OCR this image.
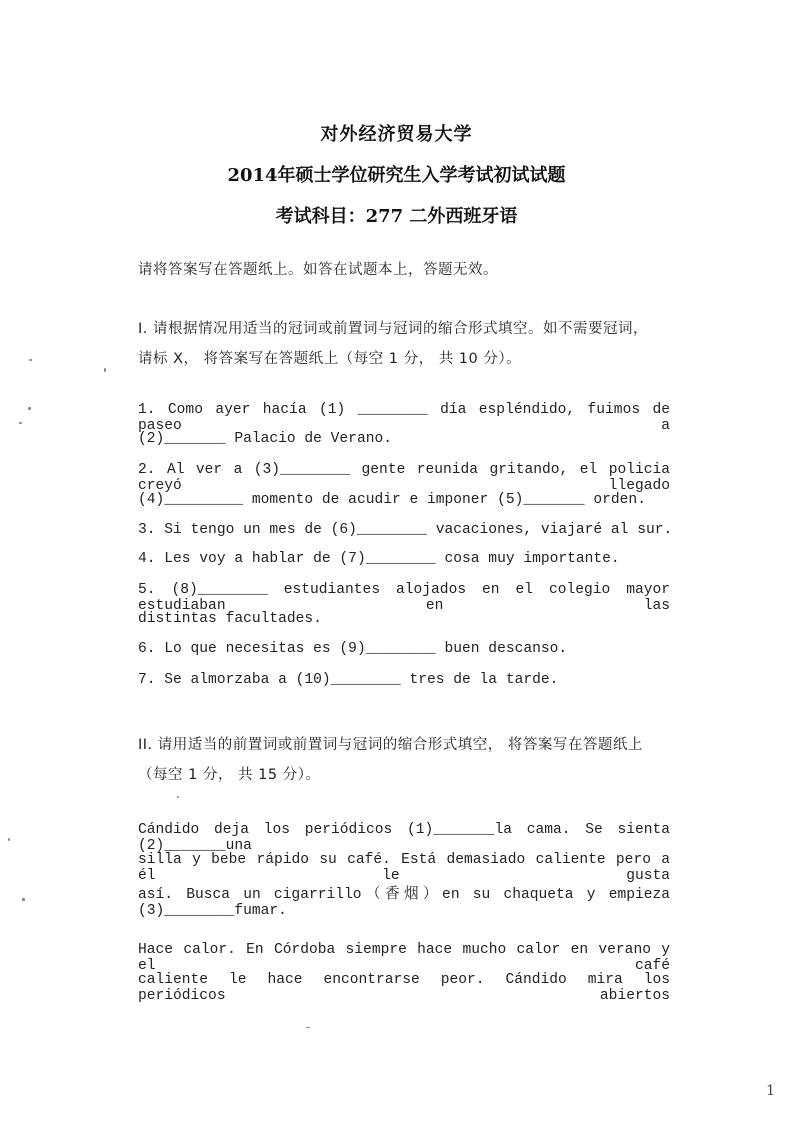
对外经济贸易大学
2014年硕士学位研究生入学考试初试试题
考试科目：277 二外西班牙语
请将答案写在答题纸上。如答在试题本上，答题无效。
I. 请根据情况用适当的冠词或前置词与冠词的缩合形式填空。如不需要冠词，
请标 X， 将答案写在答题纸上（每空 1 分， 共 10 分）。
1. Como ayer hacía (1) ________ día espléndido, fuimos de paseo a
(2)_______ Palacio de Verano.
2. Al ver a (3)________ gente reunida gritando, el policia creyó llegado
(4)_________ momento de acudir e imponer (5)_______ orden.
3. Si tengo un mes de (6)________ vacaciones, viajaré al sur.
4. Les voy a hablar de (7)________ cosa muy importante.
5. (8)________ estudiantes alojados en el colegio mayor estudiaban en las
distintas facultades.
6. Lo que necesitas es (9)________ buen descanso.
7. Se almorzaba a (10)________ tres de la tarde.
II. 请用适当的前置词或前置词与冠词的缩合形式填空， 将答案写在答题纸上
（每空 1 分， 共 15 分）。
Cándido deja los periódicos (1)_______la cama. Se sienta (2)_______una
silla y bebe rápido su café. Está demasiado caliente pero a él le gusta
así. Busca un cigarrillo（香烟）en su chaqueta y empieza (3)________fumar.
Hace calor. En Córdoba siempre hace mucho calor en verano y el café
caliente le hace encontrarse peor. Cándido mira los periódicos abiertos
1
